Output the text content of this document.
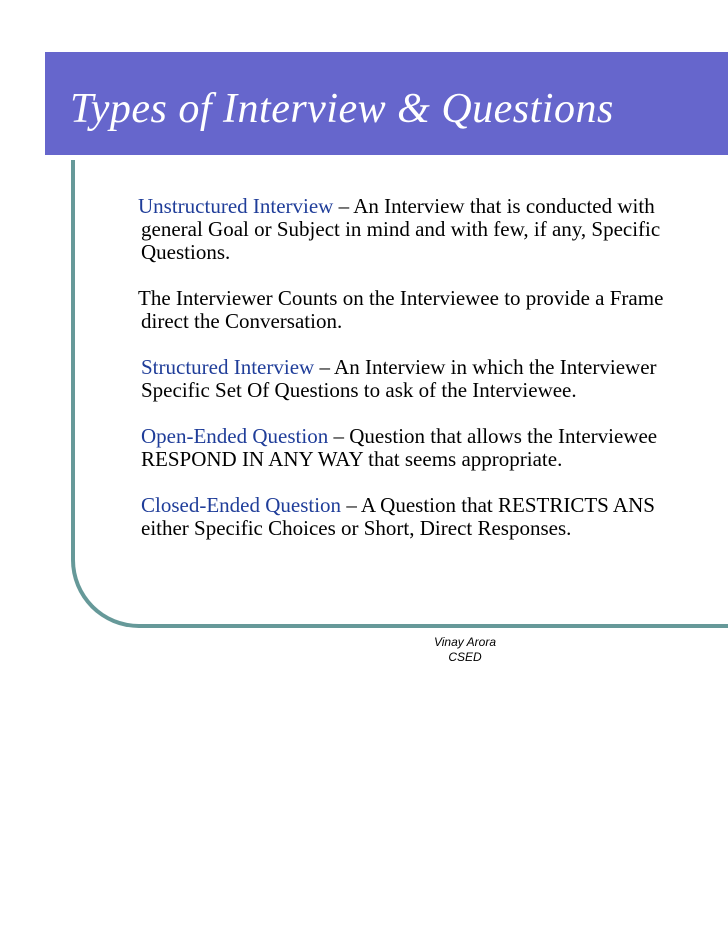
Types of Interview & Questions
Unstructured Interview – An Interview that is conducted with
general Goal or Subject in mind and with few, if any, Specific
Questions.
The Interviewer Counts on the Interviewee to provide a Frame
direct the Conversation.
Structured Interview – An Interview in which the Interviewer
Specific Set Of Questions to ask of the Interviewee.
Open-Ended Question – Question that allows the Interviewee
RESPOND IN ANY WAY that seems appropriate.
Closed-Ended Question – A Question that RESTRICTS ANS
either Specific Choices or Short, Direct Responses.
Vinay Arora
CSED
